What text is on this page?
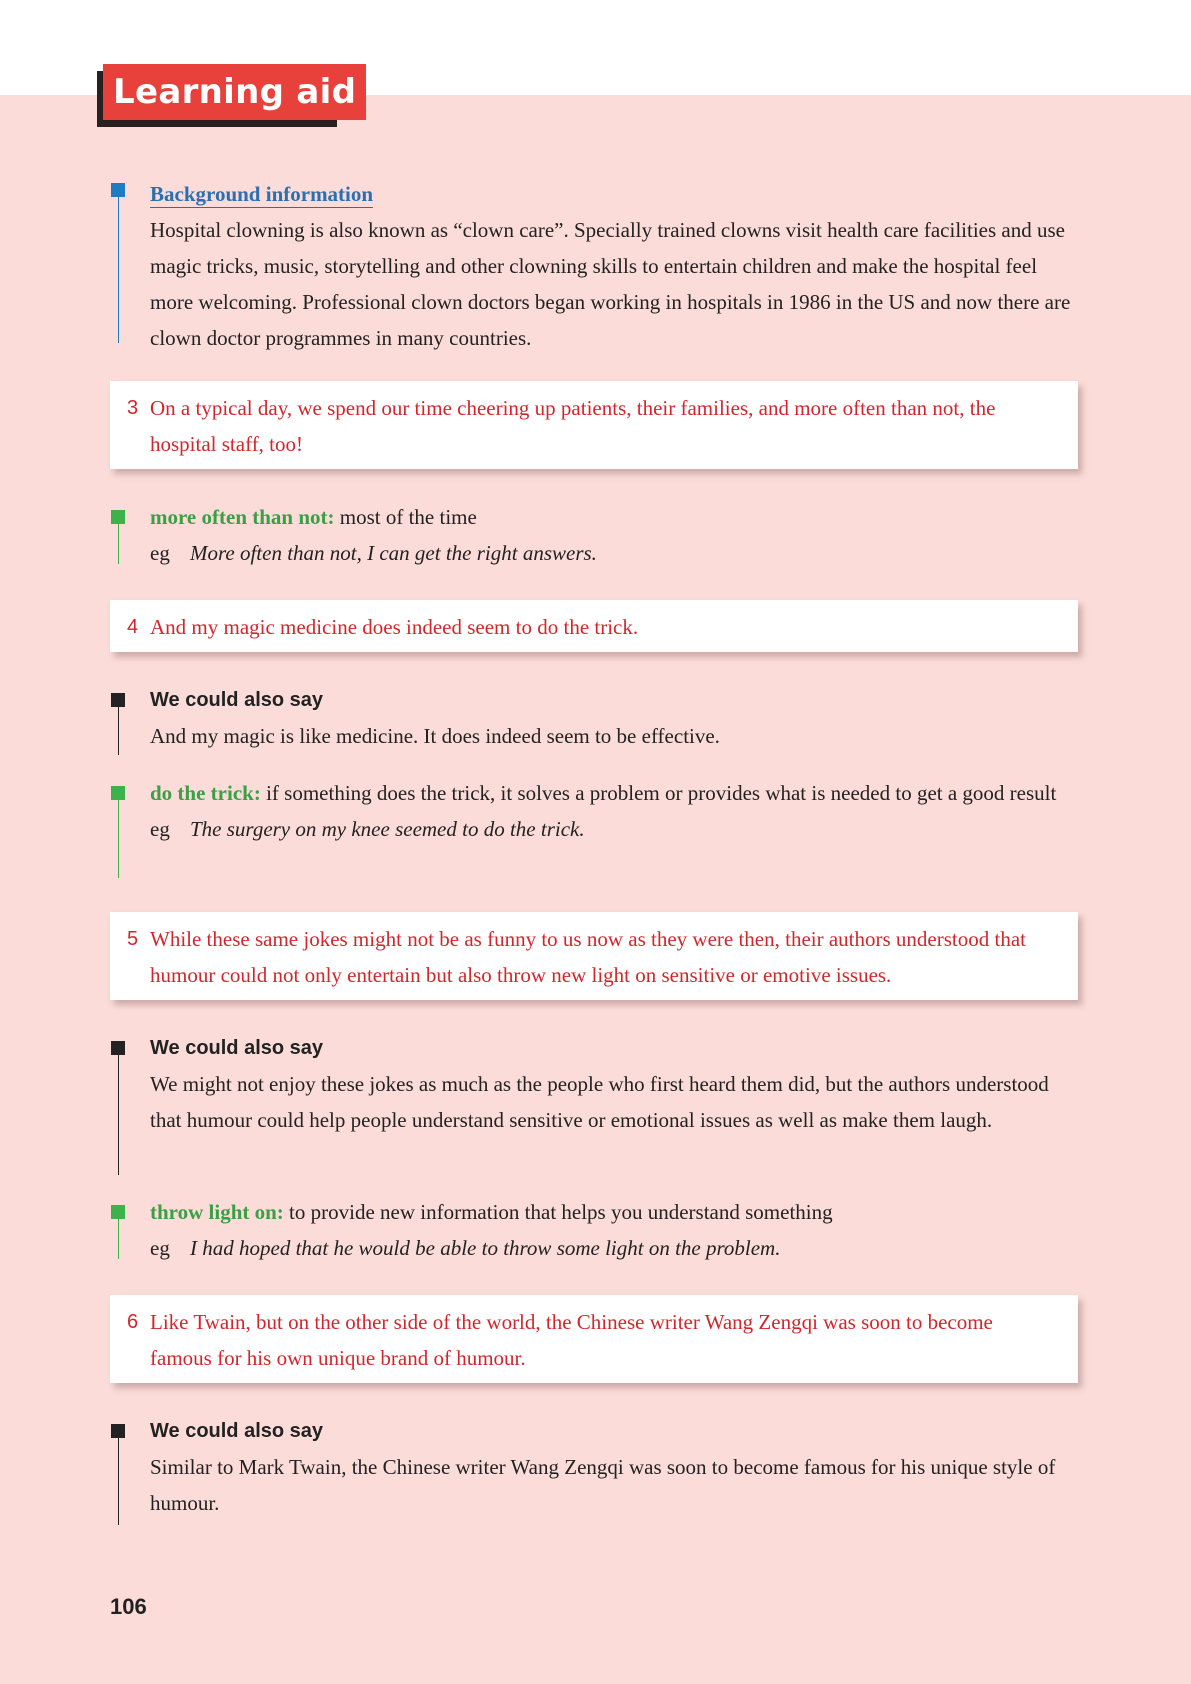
Learning aid
Background information
Hospital clowning is also known as “clown care”. Specially trained clowns visit health care facilities and use magic tricks, music, storytelling and other clowning skills to entertain children and make the hospital feel more welcoming. Professional clown doctors began working in hospitals in 1986 in the US and now there are clown doctor programmes in many countries.
3 On a typical day, we spend our time cheering up patients, their families, and more often than not, the hospital staff, too!
more often than not: most of the time
eg More often than not, I can get the right answers.
4 And my magic medicine does indeed seem to do the trick.
We could also say
And my magic is like medicine. It does indeed seem to be effective.
do the trick: if something does the trick, it solves a problem or provides what is needed to get a good result
eg The surgery on my knee seemed to do the trick.
5 While these same jokes might not be as funny to us now as they were then, their authors understood that humour could not only entertain but also throw new light on sensitive or emotive issues.
We could also say
We might not enjoy these jokes as much as the people who first heard them did, but the authors understood that humour could help people understand sensitive or emotional issues as well as make them laugh.
throw light on: to provide new information that helps you understand something
eg I had hoped that he would be able to throw some light on the problem.
6 Like Twain, but on the other side of the world, the Chinese writer Wang Zengqi was soon to become famous for his own unique brand of humour.
We could also say
Similar to Mark Twain, the Chinese writer Wang Zengqi was soon to become famous for his unique style of humour.
106
